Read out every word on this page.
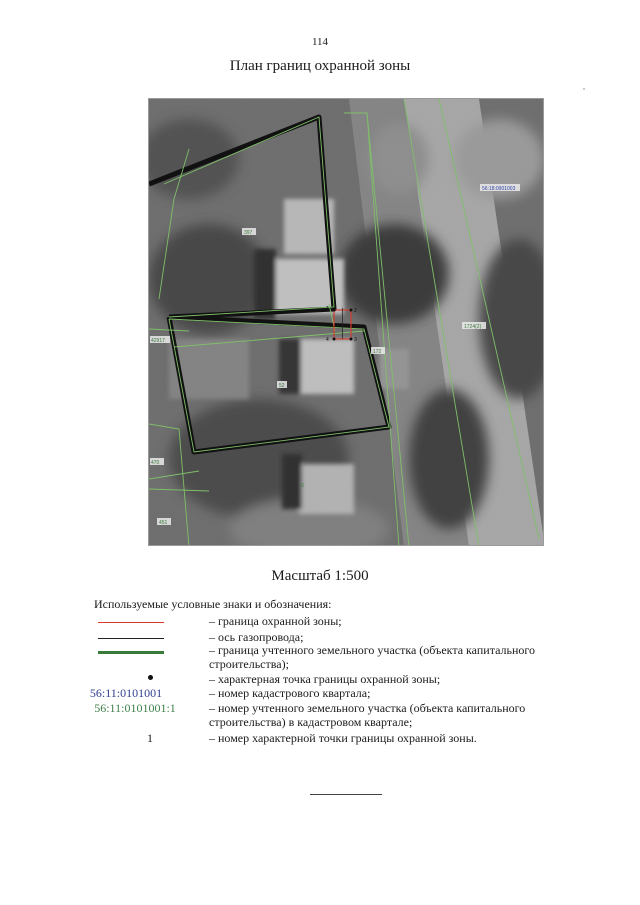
114
План границ охранной зоны
1	2
3
4
56:18:0901003
1724(2)
172
397
52
42917
470
451
6
Масштаб 1:500
Используемые условные знаки и обозначения:
– граница охранной зоны;
– ось газопровода;
– граница учтенного земельного участка (объекта капитального строительства);
– характерная точка границы охранной зоны;
56:11:0101001	– номер кадастрового квартала;
56:11:0101001:1	– номер учтенного земельного участка (объекта капитального строительства) в кадастровом квартале;
1	– номер характерной точки границы охранной зоны.
